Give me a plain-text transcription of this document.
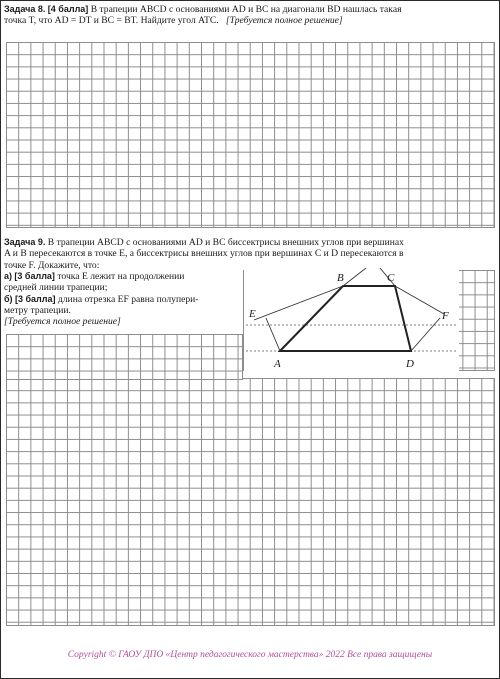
Задача 8. [4 балла] В трапеции ABCD с основаниями AD и BC на диагонали BD нашлась такая
точка T, что AD = DT и BC = BT. Найдите угол ATC. [Требуется полное решение]
Задача 9. В трапеции ABCD с основаниями AD и BC биссектрисы внешних углов при вершинах
A и B пересекаются в точке E, а биссектрисы внешних углов при вершинах C и D пересекаются в
точке F. Докажите, что:
а) [3 балла] точка E лежит на продолжении
средней линии трапеции;
б) [3 балла] длина отрезка EF равна полупери-
метру трапеции.
[Требуется полное решение]
B	C
E	F
A	D
Copyright © ГАОУ ДПО «Центр педагогического мастерства» 2022 Все права защищены
